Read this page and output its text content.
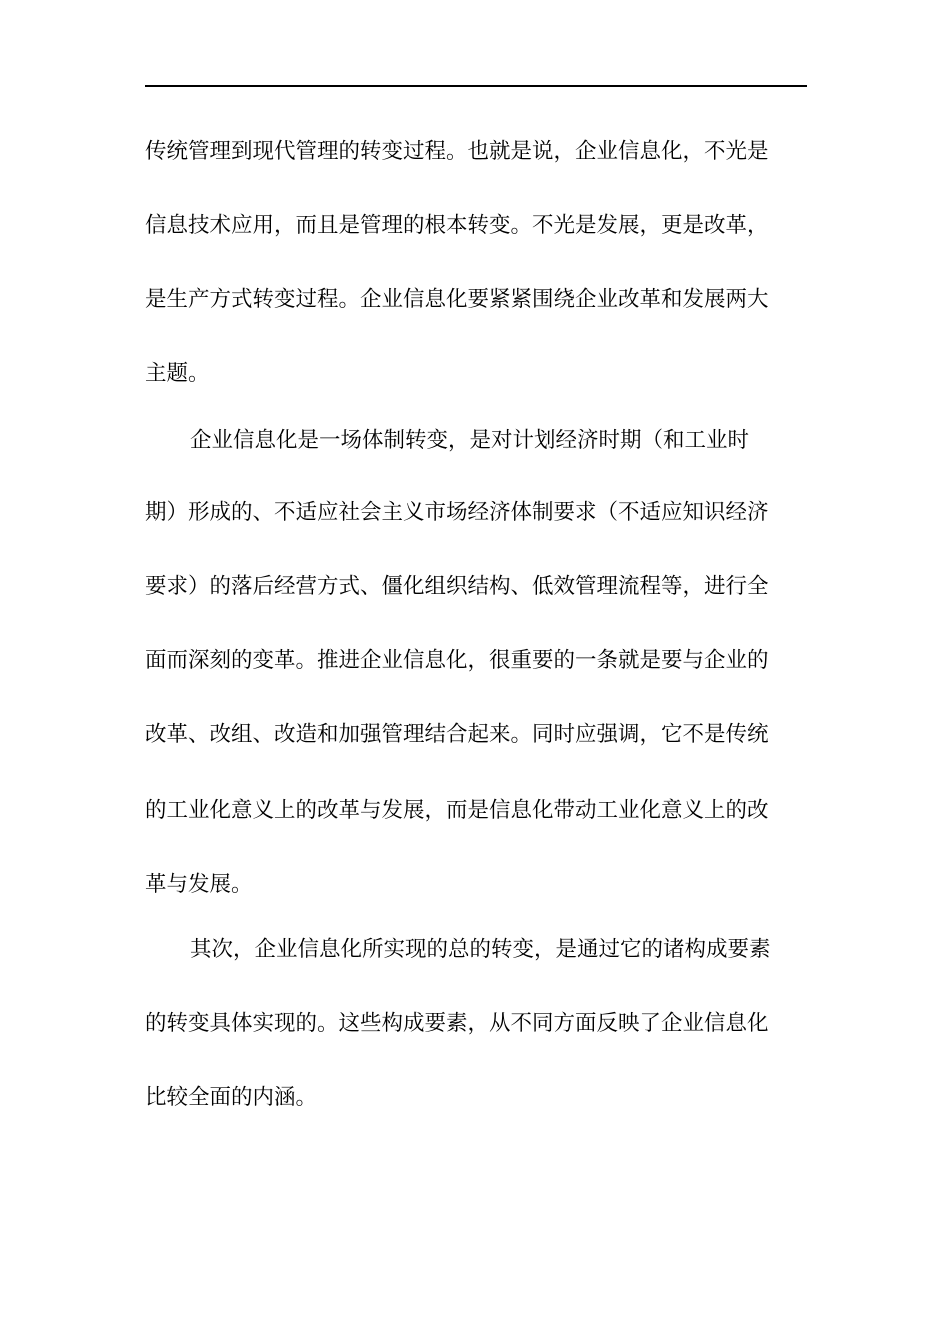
传统管理到现代管理的转变过程。也就是说，企业信息化，不光是
信息技术应用，而且是管理的根本转变。不光是发展，更是改革，
是生产方式转变过程。企业信息化要紧紧围绕企业改革和发展两大
主题。
企业信息化是一场体制转变，是对计划经济时期（和工业时
期）形成的、不适应社会主义市场经济体制要求（不适应知识经济
要求）的落后经营方式、僵化组织结构、低效管理流程等，进行全
面而深刻的变革。推进企业信息化，很重要的一条就是要与企业的
改革、改组、改造和加强管理结合起来。同时应强调，它不是传统
的工业化意义上的改革与发展，而是信息化带动工业化意义上的改
革与发展。
其次，企业信息化所实现的总的转变，是通过它的诸构成要素
的转变具体实现的。这些构成要素，从不同方面反映了企业信息化
比较全面的内涵。
